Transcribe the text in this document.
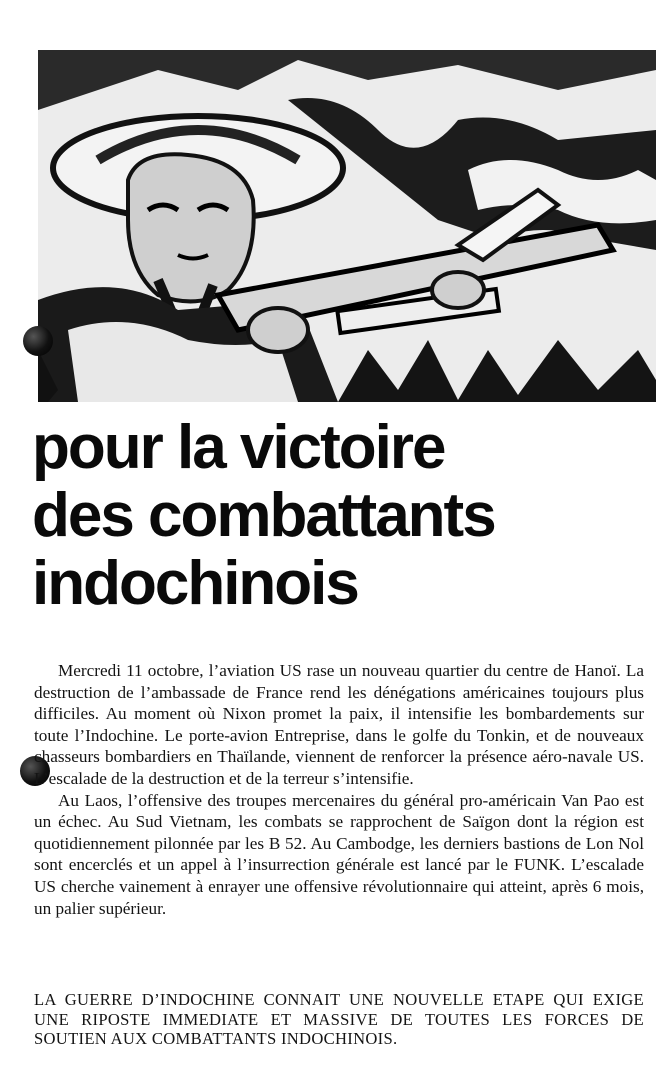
pour la victoire
des combattants
indochinois

Mercredi 11 octobre, l’aviation US rase un nouveau quartier du centre de Hanoï. La destruction de l’ambassade de France rend les dénégations américaines toujours plus difficiles. Au moment où Nixon promet la paix, il intensifie les bombardements sur toute l’Indochine. Le porte-avion Entreprise, dans le golfe du Tonkin, et de nouveaux chasseurs bombardiers en Thaïlande, viennent de renforcer la présence aéro-navale US. L’escalade de la destruction et de la terreur s’intensifie.

Au Laos, l’offensive des troupes mercenaires du général pro-américain Van Pao est un échec. Au Sud Vietnam, les combats se rapprochent de Saïgon dont la région est quotidiennement pilonnée par les B 52. Au Cambodge, les derniers bastions de Lon Nol sont encerclés et un appel à l’insurrection générale est lancé par le FUNK. L’escalade US cherche vainement à enrayer une offensive révolutionnaire qui atteint, après 6 mois, un palier supérieur.

LA GUERRE D’INDOCHINE CONNAIT UNE NOUVELLE ETAPE QUI EXIGE UNE RIPOSTE IMMEDIATE ET MASSIVE DE TOUTES LES FORCES DE SOUTIEN AUX COMBATTANTS INDOCHINOIS.
